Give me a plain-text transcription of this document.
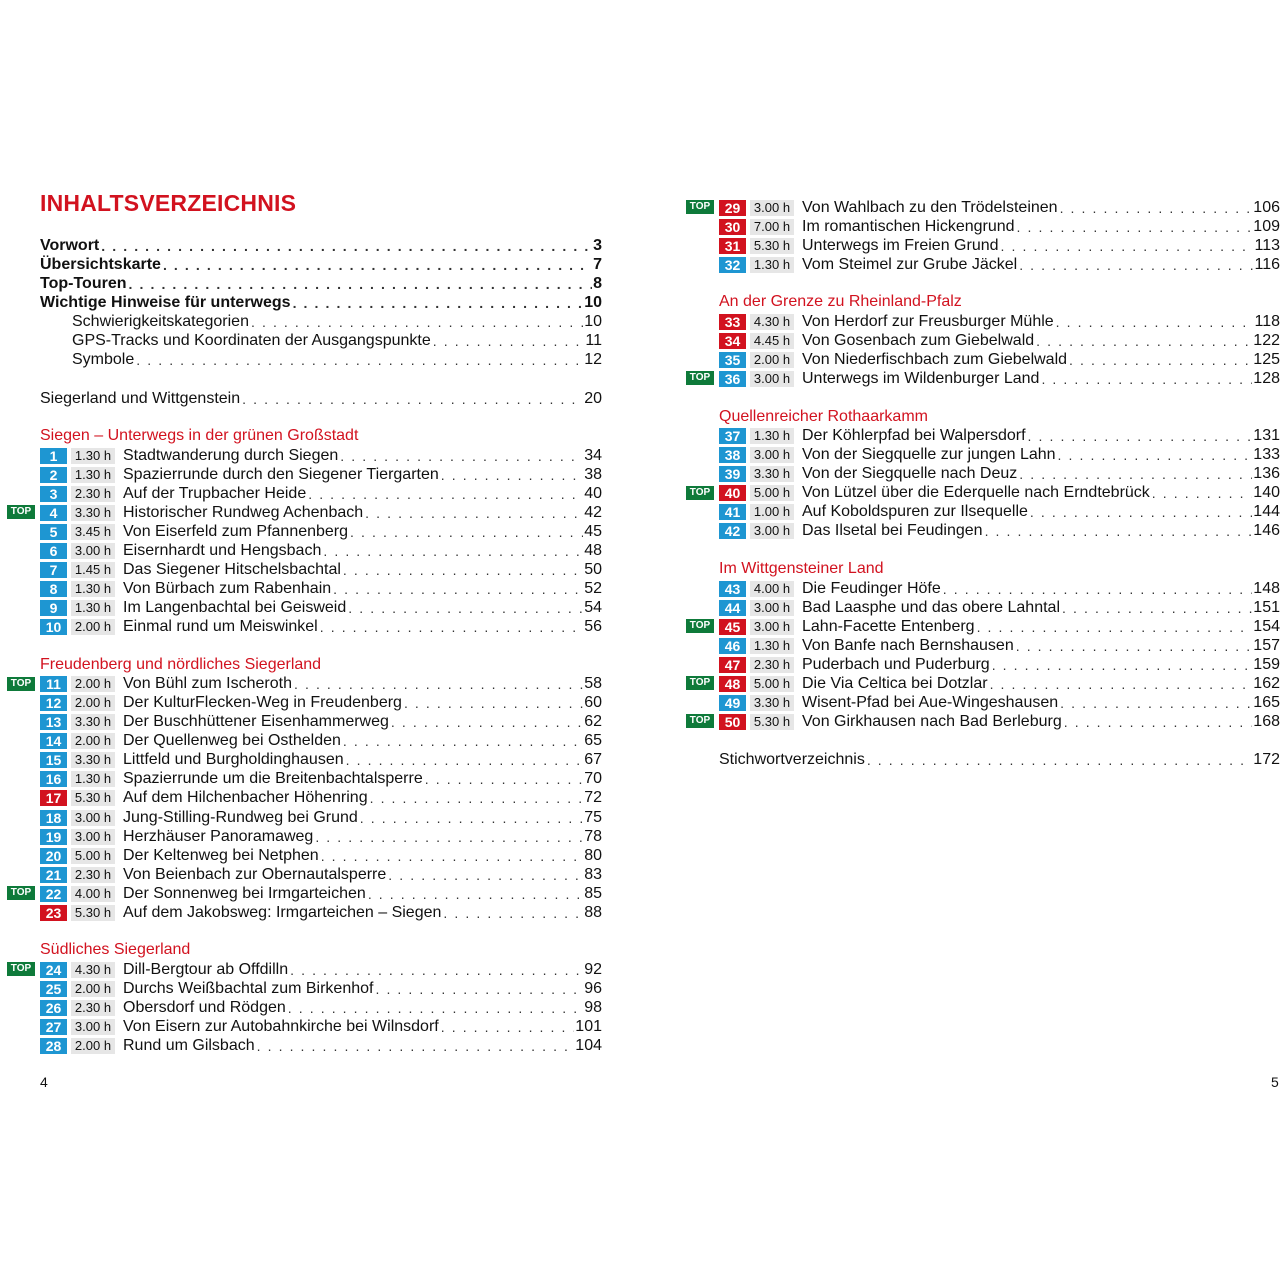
INHALTSVERZEICHNIS
Vorwort . . .	3
Übersichtskarte . . .	7
Top-Touren . . .	8
Wichtige Hinweise für unterwegs . . .	10
Schwierigkeitskategorien . . .	10
GPS-Tracks und Koordinaten der Ausgangspunkte . . .	11
Symbole . . .	12
Siegerland und Wittgenstein . . .	20
Siegen – Unterwegs in der grünen Großstadt
1	1.30 h Stadtwanderung durch Siegen . . .	34
2	1.30 h Spazierrunde durch den Siegener Tiergarten . . .	38
3	2.30 h Auf der Trupbacher Heide . . .	40
TOP	4	3.30 h Historischer Rundweg Achenbach . . .	42
5	3.45 h Von Eiserfeld zum Pfannenberg . . .	45
6	3.00 h Eisernhardt und Hengsbach . . .	48
7	1.45 h Das Siegener Hitschelsbachtal . . .	50
8	1.30 h Von Bürbach zum Rabenhain . . .	52
9	1.30 h Im Langenbachtal bei Geisweid . . .	54
10	2.00 h Einmal rund um Meiswinkel . . .	56
Freudenberg und nördliches Siegerland
TOP	11	2.00 h Von Bühl zum Ischeroth . . .	58
12	2.00 h Der KulturFlecken-Weg in Freudenberg . . .	60
13	3.30 h Der Buschhüttener Eisenhammerweg . . .	62
14	2.00 h Der Quellenweg bei Osthelden . . .	65
15	3.30 h Littfeld und Burgholdinghausen . . .	67
16	1.30 h Spazierrunde um die Breitenbachtalsperre . . .	70
17	5.30 h Auf dem Hilchenbacher Höhenring . . .	72
18	3.00 h Jung-Stilling-Rundweg bei Grund . . .	75
19	3.00 h Herzhäuser Panoramaweg . . .	78
20	5.00 h Der Keltenweg bei Netphen . . .	80
21	2.30 h Von Beienbach zur Obernautalsperre . . .	83
TOP	22	4.00 h Der Sonnenweg bei Irmgarteichen . . .	85
23	5.30 h Auf dem Jakobsweg: Irmgarteichen – Siegen . . .	88
Südliches Siegerland
TOP	24	4.30 h Dill-Bergtour ab Offdilln . . .	92
25	2.00 h Durchs Weißbachtal zum Birkenhof . . .	96
26	2.30 h Obersdorf und Rödgen . . .	98
27	3.00 h Von Eisern zur Autobahnkirche bei Wilnsdorf . . .	101
28	2.00 h Rund um Gilsbach . . .	104
TOP	29	3.00 h Von Wahlbach zu den Trödelsteinen . . .	106
30	7.00 h Im romantischen Hickengrund . . .	109
31	5.30 h Unterwegs im Freien Grund . . .	113
32	1.30 h Vom Steimel zur Grube Jäckel . . .	116
An der Grenze zu Rheinland-Pfalz
33	4.30 h Von Herdorf zur Freusburger Mühle . . .	118
34	4.45 h Von Gosenbach zum Giebelwald . . .	122
35	2.00 h Von Niederfischbach zum Giebelwald . . .	125
TOP	36	3.00 h Unterwegs im Wildenburger Land . . .	128
Quellenreicher Rothaarkamm
37	1.30 h Der Köhlerpfad bei Walpersdorf . . .	131
38	3.00 h Von der Siegquelle zur jungen Lahn . . .	133
39	3.30 h Von der Siegquelle nach Deuz . . .	136
TOP	40	5.00 h Von Lützel über die Ederquelle nach Erndtebrück . . .	140
41	1.00 h Auf Koboldspuren zur Ilsequelle . . .	144
42	3.00 h Das Ilsetal bei Feudingen . . .	146
Im Wittgensteiner Land
43	4.00 h Die Feudinger Höfe . . .	148
44	3.00 h Bad Laasphe und das obere Lahntal . . .	151
TOP	45	3.00 h Lahn-Facette Entenberg . . .	154
46	1.30 h Von Banfe nach Bernshausen . . .	157
47	2.30 h Puderbach und Puderburg . . .	159
TOP	48	5.00 h Die Via Celtica bei Dotzlar . . .	162
49	3.30 h Wisent-Pfad bei Aue-Wingeshausen . . .	165
TOP	50	5.30 h Von Girkhausen nach Bad Berleburg . . .	168
Stichwortverzeichnis . . .	172
4	5
